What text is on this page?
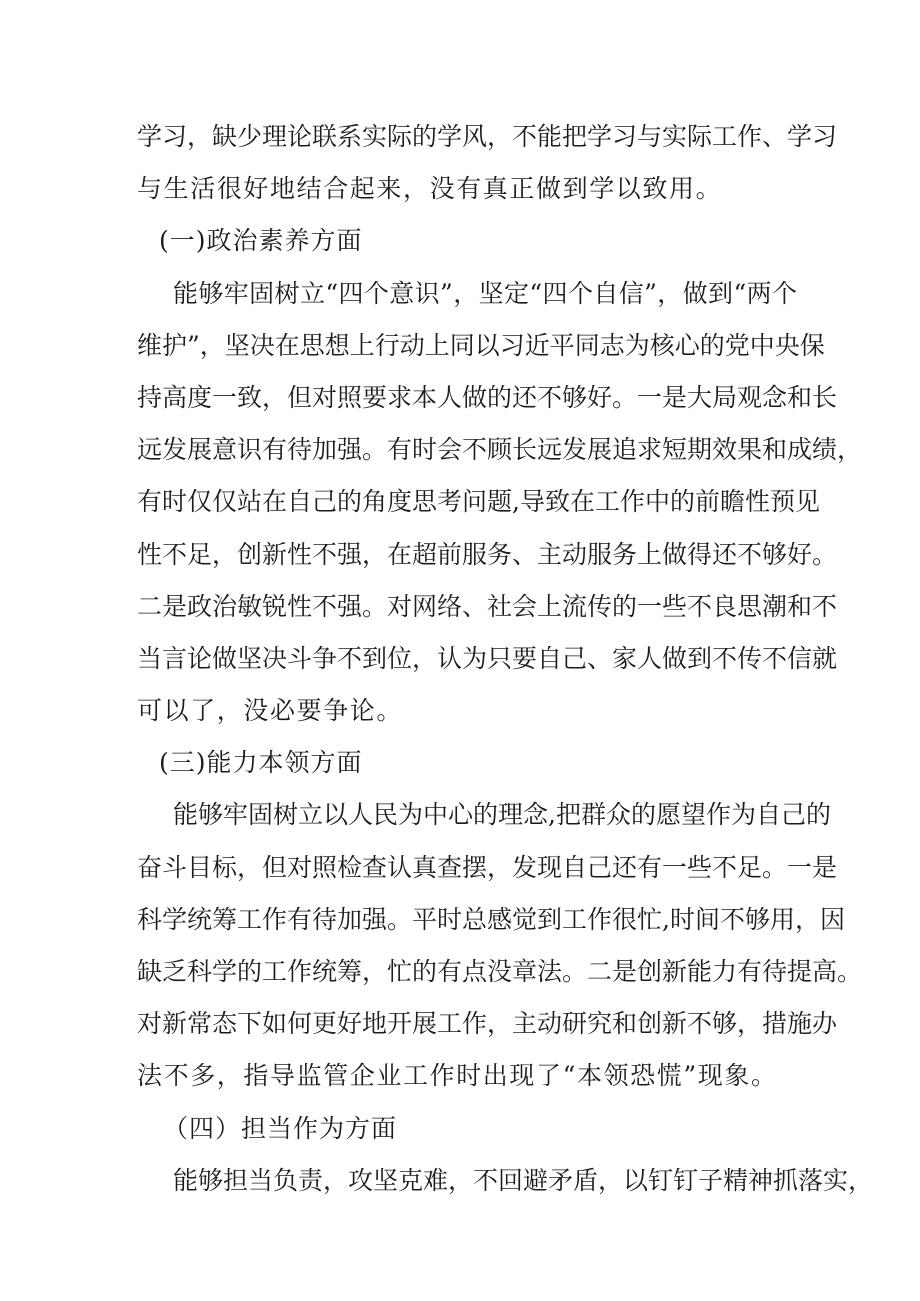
学习，缺少理论联系实际的学风，不能把学习与实际工作、学习
与生活很好地结合起来，没有真正做到学以致用。
(一)政治素养方面
能够牢固树立“四个意识”，坚定“四个自信”，做到“两个
维护”，坚决在思想上行动上同以习近平同志为核心的党中央保
持高度一致，但对照要求本人做的还不够好。一是大局观念和长
远发展意识有待加强。有时会不顾长远发展追求短期效果和成绩，
有时仅仅站在自己的角度思考问题,导致在工作中的前瞻性预见
性不足，创新性不强，在超前服务、主动服务上做得还不够好。
二是政治敏锐性不强。对网络、社会上流传的一些不良思潮和不
当言论做坚决斗争不到位，认为只要自己、家人做到不传不信就
可以了，没必要争论。
(三)能力本领方面
能够牢固树立以人民为中心的理念,把群众的愿望作为自己的
奋斗目标，但对照检查认真查摆，发现自己还有一些不足。一是
科学统筹工作有待加强。平时总感觉到工作很忙,时间不够用，因
缺乏科学的工作统筹，忙的有点没章法。二是创新能力有待提高。
对新常态下如何更好地开展工作，主动研究和创新不够，措施办
法不多，指导监管企业工作时出现了“本领恐慌”现象。
（四）担当作为方面
能够担当负责，攻坚克难，不回避矛盾，以钉钉子精神抓落实，
